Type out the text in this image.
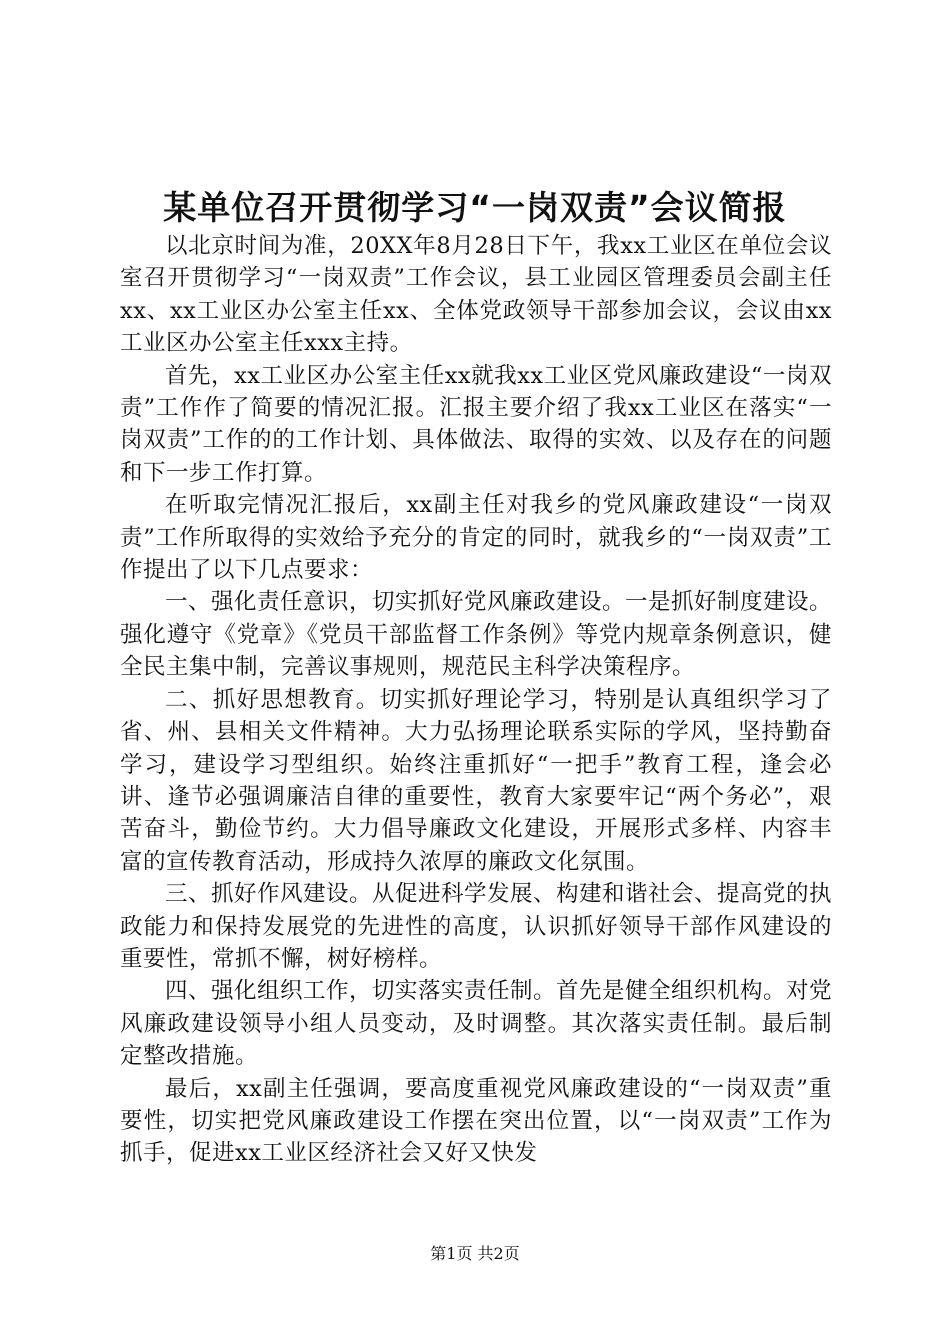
某单位召开贯彻学习“一岗双责”会议简报

以北京时间为准，20XX年8月28日下午，我xx工业区在单位会议室召开贯彻学习“一岗双责”工作会议，县工业园区管理委员会副主任xx、xx工业区办公室主任xx、全体党政领导干部参加会议，会议由xx工业区办公室主任xxx主持。

首先，xx工业区办公室主任xx就我xx工业区党风廉政建设“一岗双责”工作作了简要的情况汇报。汇报主要介绍了我xx工业区在落实“一岗双责”工作的的工作计划、具体做法、取得的实效、以及存在的问题和下一步工作打算。

在听取完情况汇报后，xx副主任对我乡的党风廉政建设“一岗双责”工作所取得的实效给予充分的肯定的同时，就我乡的“一岗双责”工作提出了以下几点要求：

一、强化责任意识，切实抓好党风廉政建设。一是抓好制度建设。强化遵守《党章》《党员干部监督工作条例》等党内规章条例意识，健全民主集中制，完善议事规则，规范民主科学决策程序。

二、抓好思想教育。切实抓好理论学习，特别是认真组织学习了省、州、县相关文件精神。大力弘扬理论联系实际的学风，坚持勤奋学习，建设学习型组织。始终注重抓好“一把手”教育工程，逢会必讲、逢节必强调廉洁自律的重要性，教育大家要牢记“两个务必”，艰苦奋斗，勤俭节约。大力倡导廉政文化建设，开展形式多样、内容丰富的宣传教育活动，形成持久浓厚的廉政文化氛围。

三、抓好作风建设。从促进科学发展、构建和谐社会、提高党的执政能力和保持发展党的先进性的高度，认识抓好领导干部作风建设的重要性，常抓不懈，树好榜样。

四、强化组织工作，切实落实责任制。首先是健全组织机构。对党风廉政建设领导小组人员变动，及时调整。其次落实责任制。最后制定整改措施。

最后，xx副主任强调，要高度重视党风廉政建设的“一岗双责”重要性，切实把党风廉政建设工作摆在突出位置，以“一岗双责”工作为抓手，促进xx工业区经济社会又好又快发

第1页 共2页
